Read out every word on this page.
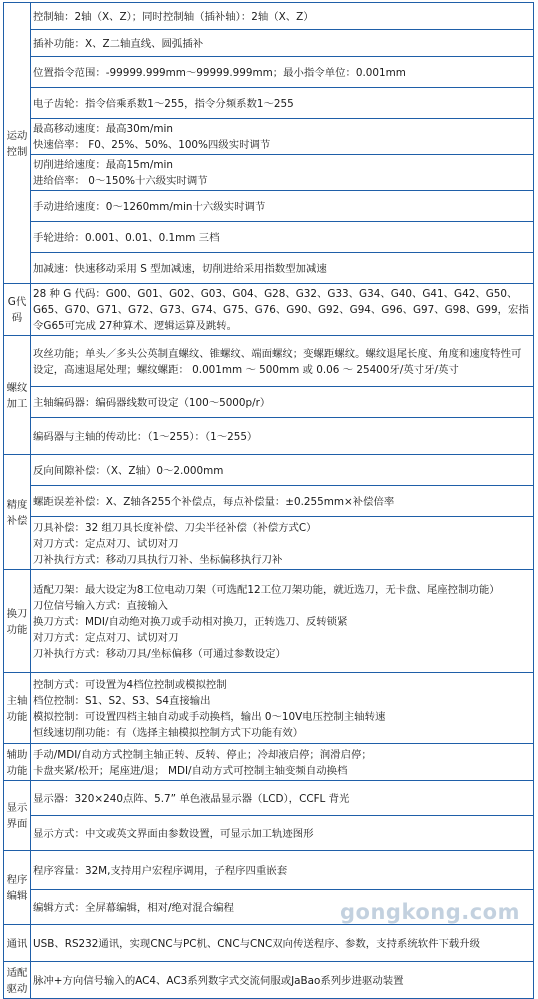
运动控制	控制轴：2轴（X、Z）；同时控制轴（插补轴）：2轴（X、Z）

	插补功能：X、Z二轴直线、圆弧插补

	位置指令范围：-99999.999mm～99999.999mm；最小指令单位：0.001mm

	电子齿轮：指令倍乘系数1～255，指令分频系数1～255

	最高移动速度：最高30m/min
快速倍率： F0、25%、50%、100%四级实时调节

	切削进给速度：最高15m/min
进给倍率： 0～150%十六级实时调节

	手动进给速度：0～1260mm/min十六级实时调节

	手轮进给：0.001、0.01、0.1mm 三档

	加减速：快速移动采用 S 型加减速，切削进给采用指数型加减速

G代码	28 种 G 代码：G00、G01、G02、G03、G04、G28、G32、G33、G34、G40、G41、G42、G50、G65、G70、G71、G72、G73、G74、G75、G76、G90、G92、G94、G96、G97、G98、G99，宏指令G65可完成 27种算术、逻辑运算及跳转。

螺纹加工	攻丝功能；单头／多头公英制直螺纹、锥螺纹、端面螺纹；变螺距螺纹。螺纹退尾长度、角度和速度特性可设定，高速退尾处理；螺纹螺距： 0.001mm ～ 500mm 或 0.06 ～ 25400牙/英寸牙/英寸

	主轴编码器：编码器线数可设定（100～5000p/r）

	编码器与主轴的传动比：（1～255）：（1～255）

精度补偿	反向间隙补偿：（X、Z轴）0～2.000mm

	螺距误差补偿：X、Z轴各255个补偿点，每点补偿量：±0.255mm×补偿倍率

	刀具补偿：32 组刀具长度补偿、刀尖半径补偿（补偿方式C）
对刀方式：定点对刀、试切对刀
刀补执行方式：移动刀具执行刀补、坐标偏移执行刀补

换刀功能	适配刀架：最大设定为8工位电动刀架（可选配12工位刀架功能，就近选刀，无卡盘、尾座控制功能）
刀位信号输入方式：直接输入
换刀方式：MDI/自动绝对换刀或手动相对换刀，正转选刀、反转锁紧
对刀方式：定点对刀、试切对刀
刀补执行方式：移动刀具/坐标偏移（可通过参数设定）

主轴功能	控制方式：可设置为4档位控制或模拟控制
档位控制：S1、S2、S3、S4直接输出
模拟控制：可设置四档主轴自动或手动换档，输出 0～10V电压控制主轴转速
恒线速切削功能：有（选择主轴模拟控制方式下功能有效）

辅助功能	手动/MDI/自动方式控制主轴正转、反转、停止；冷却液启停；润滑启停；
卡盘夹紧/松开；尾座进/退； MDI/自动方式可控制主轴变频自动换档

显示界面	显示器：320×240点阵、5.7” 单色液晶显示器（LCD），CCFL 背光

	显示方式：中文或英文界面由参数设置，可显示加工轨迹图形

程序编辑	程序容量：32M,支持用户宏程序调用，子程序四重嵌套

	编辑方式：全屏幕编辑，相对/绝对混合编程

通讯	USB、RS232通讯，实现CNC与PC机、CNC与CNC双向传送程序、参数，支持系统软件下载升级

适配驱动	脉冲+方向信号输入的AC4、AC3系列数字式交流伺服或JaBao系列步进驱动装置
gongkong.com
